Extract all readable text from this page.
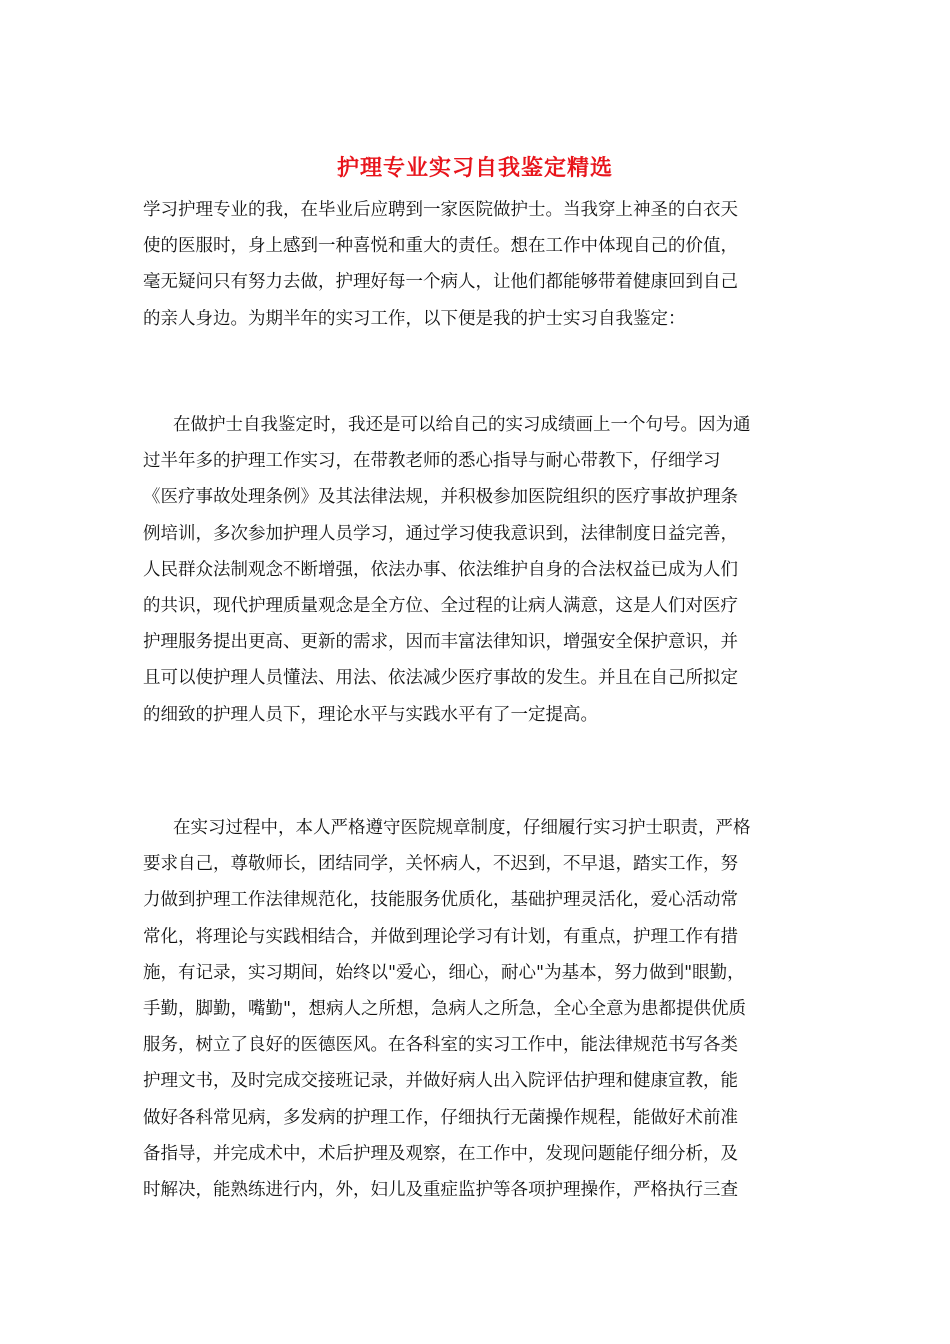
护理专业实习自我鉴定精选
学习护理专业的我，在毕业后应聘到一家医院做护士。当我穿上神圣的白衣天
使的医服时，身上感到一种喜悦和重大的责任。想在工作中体现自己的价值，
毫无疑问只有努力去做，护理好每一个病人，让他们都能够带着健康回到自己
的亲人身边。为期半年的实习工作，以下便是我的护士实习自我鉴定：
在做护士自我鉴定时，我还是可以给自己的实习成绩画上一个句号。因为通
过半年多的护理工作实习，在带教老师的悉心指导与耐心带教下，仔细学习
《医疗事故处理条例》及其法律法规，并积极参加医院组织的医疗事故护理条
例培训，多次参加护理人员学习，通过学习使我意识到，法律制度日益完善，
人民群众法制观念不断增强，依法办事、依法维护自身的合法权益已成为人们
的共识，现代护理质量观念是全方位、全过程的让病人满意，这是人们对医疗
护理服务提出更高、更新的需求，因而丰富法律知识，增强安全保护意识，并
且可以使护理人员懂法、用法、依法减少医疗事故的发生。并且在自己所拟定
的细致的护理人员下，理论水平与实践水平有了一定提高。
在实习过程中，本人严格遵守医院规章制度，仔细履行实习护士职责，严格
要求自己，尊敬师长，团结同学，关怀病人，不迟到，不早退，踏实工作，努
力做到护理工作法律规范化，技能服务优质化，基础护理灵活化，爱心活动常
常化，将理论与实践相结合，并做到理论学习有计划，有重点，护理工作有措
施，有记录，实习期间，始终以"爱心，细心，耐心"为基本，努力做到"眼勤，
手勤，脚勤，嘴勤"，想病人之所想，急病人之所急，全心全意为患都提供优质
服务，树立了良好的医德医风。在各科室的实习工作中，能法律规范书写各类
护理文书，及时完成交接班记录，并做好病人出入院评估护理和健康宣教，能
做好各科常见病，多发病的护理工作，仔细执行无菌操作规程，能做好术前准
备指导，并完成术中，术后护理及观察，在工作中，发现问题能仔细分析，及
时解决，能熟练进行内，外，妇儿及重症监护等各项护理操作，严格执行三查
